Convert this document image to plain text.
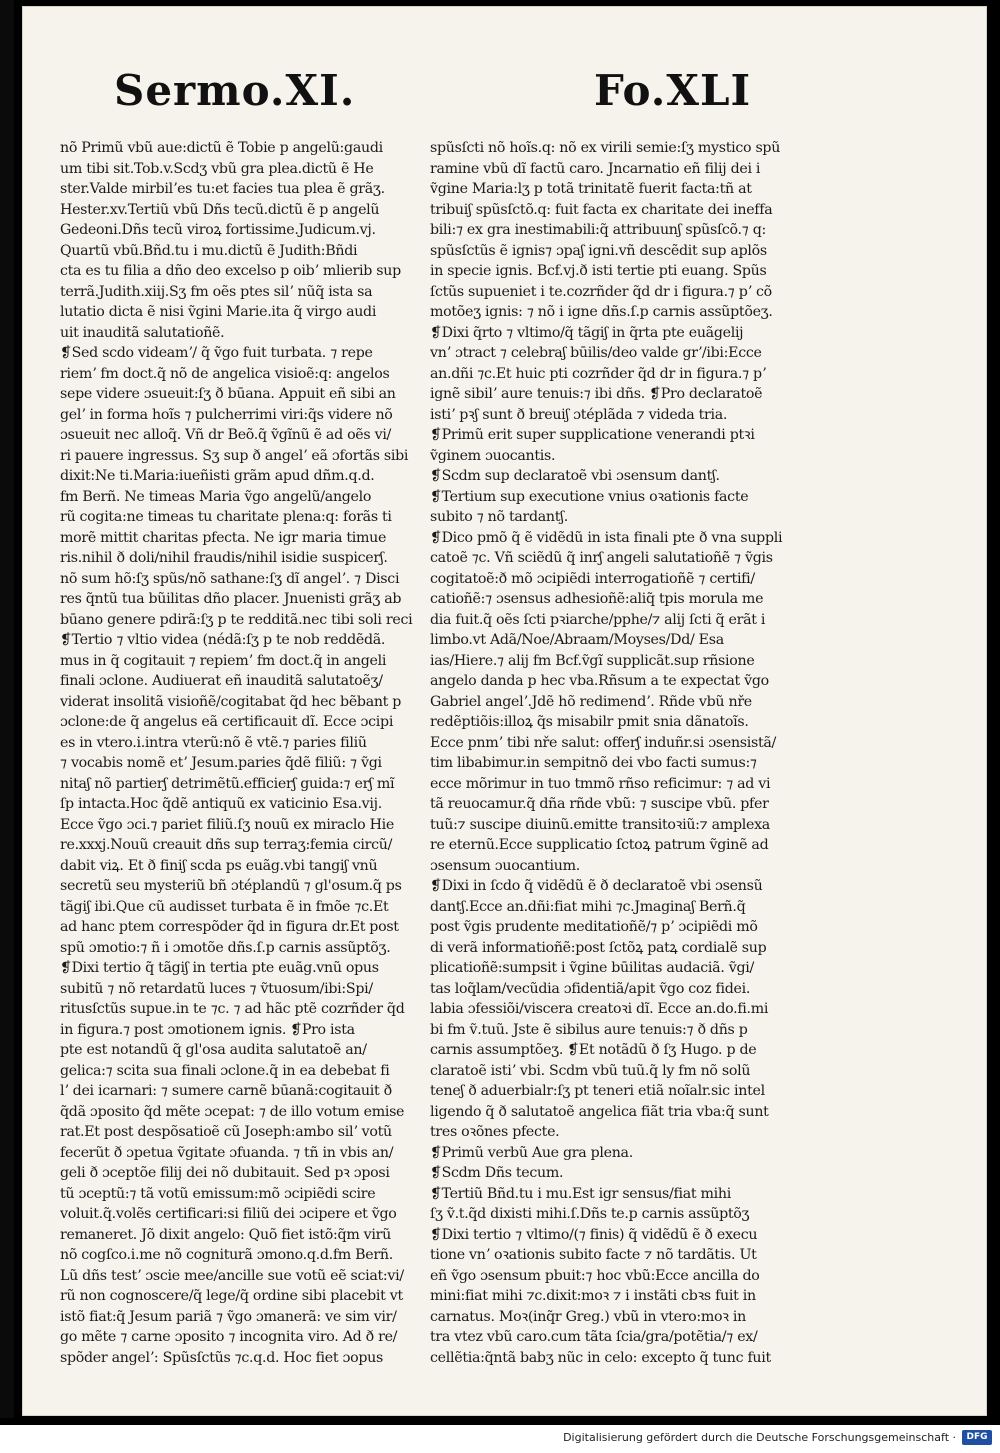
Sermo.XI.	Fo.XLI
nõ Primũ vbũ aue:dictũ ẽ Tobie p angelũ:gaudi
um tibi sit.Tob.v.Scdʒ vbũ gra plea.dictũ ẽ He
ster.Valde mirbilʼes tu:et facies tua plea ẽ grãʒ.
Hester.xv.Tertiũ vbũ Dñs tecũ.dictũ ẽ p angelũ
Gedeoni.Dñs tecũ viroꝝ fortissime.Judicum.vj.
Quartũ vbũ.Bñd.tu i mu.dictũ ẽ Judith:Bñdi
cta es tu filia a dño deo excelso p oibʼ mlierib sup
terrã.Judith.xiij.Sʒ fm oẽs ptes silʼ nũq̃ ista sa
lutatio dicta ẽ nisi ṽgini Marie.ita q̃ virgo audi
uit inauditã salutatioñẽ.
❡Sed scdo videamʼ/ q̃ ṽgo fuit turbata. ⁊ repe
riemʼ fm doct.q̃ nõ de angelica visioẽ:q: angelos
sepe videre ɔsueuit:ſʒ ð būana. Appuit eñ sibi an
gelʼ in forma hoĩs ⁊ pulcherrimi viri:q̃s videre nõ
ɔsueuit nec alloq̃. Vñ dr Beõ.q̃ ṽgĩnũ ẽ ad oẽs vi/
ri pauere ingressus. Sʒ sup ð angelʼ eã ɔfortãs sibi
dixit:Ne ti.Maria:iueñisti grãm apud dñm.q.d.
fm Berñ. Ne timeas Maria ṽgo angelũ/angelo
rũ cogita:ne timeas tu charitate plena:q: forãs ti
morẽ mittit charitas pfecta. Ne igr maria timue
ris.nihil ð doli/nihil fraudis/nihil isidie suspicerʃ.
nõ sum hõ:ſʒ spũs/nõ sathane:ſʒ dĩ angelʼ. ⁊ Disci
res q̃ntũ tua bũilitas dño placer. Jnuenisti grãʒ ab
būano genere pdirã:ſʒ p te redditã.nec tibi soli reci
❡Tertio ⁊ vltio videa (nédã:ſʒ p te nob reddẽdã.
mus in q̃ cogitauit ⁊ repiemʼ fm doct.q̃ in angeli
finali ɔclone. Audiuerat eñ inauditã salutatoẽʒ/
viderat insolitã visioñẽ/cogitabat q̃d hec bẽbant p
ɔclone:de q̃ angelus eã certificauit dĩ. Ecce ɔcipi
es in vtero.i.intra vterũ:nõ ẽ vtẽ.⁊ paries filiũ
⁊ vocabis nomẽ etʼ Jesum.paries q̃dẽ filiũ: ⁊ ṽgi
nitaʃ nõ partierʃ detrimẽtũ.efficierʃ guida:⁊ erʃ mĩ
ſp intacta.Hoc q̃dẽ antiquũ ex vaticinio Esa.vij.
Ecce ṽgo ɔci.⁊ pariet filiũ.ſʒ nouũ ex miraclo Hie
re.xxxj.Nouũ creauit dñs sup terraʒ:femia circũ/
dabit viꝝ. Et ð finiʃ scda ps euãg.vbi tangiʃ vnũ
secretũ seu mysteriũ bñ ɔtéplandũ ⁊ gl'osum.q̃ ps
tãgiʃ ibi.Que cũ audisset turbata ẽ in fmõe ⁊c.Et
ad hanc ptem correspõder q̃d in figura dr.Et post
spũ ɔmotio:⁊ ñ i ɔmotõe dñs.ſ.p carnis assũptõʒ.
❡Dixi tertio q̃ tãgiʃ in tertia pte euãg.vnũ opus
subitũ ⁊ nõ retardatũ luces ⁊ ṽtuosum/ibi:Spi/
ritusſctũs supue.in te ⁊c. ⁊ ad hãc ptẽ cozrñder q̃d
in figura.⁊ post ɔmotionem ignis. ❡Pro ista
pte est notandũ q̃ gl'osa audita salutatoẽ an/
gelica:⁊ scita sua finali ɔclone.q̃ in ea debebat fi
lʼ dei icarnari: ⁊ sumere carnẽ būanã:cogitauit ð
q̃dã ɔposito q̃d mẽte ɔcepat: ⁊ de illo votum emise
rat.Et post despõsatioẽ cũ Joseph:ambo silʼ votũ
fecerũt ð ɔpetua ṽgitate ɔfuanda. ⁊ tñ in vbis an/
geli ð ɔceptõe filij dei nõ dubitauit. Sed pꝛ ɔposi
tũ ɔceptũ:⁊ tã votũ emissum:mõ ɔcipiẽdi scire
voluit.q̃.volẽs certificari:si filiũ dei ɔcipere et ṽgo
remaneret. Jõ dixit angelo: Quõ fiet istõ:q̃m virũ
nõ cogſco.i.me nõ cogniturã ɔmono.q.d.fm Berñ.
Lũ dñs testʼ ɔscie mee/ancille sue votũ eẽ sciat:vi/
rũ non cognoscere/q̃ lege/q̃ ordine sibi placebit vt
istõ fiat:q̃ Jesum pariã ⁊ ṽgo ɔmanerã: ve sim vir/
go mẽte ⁊ carne ɔposito ⁊ incognita viro. Ad ð re/
spõder angelʼ: Spũsſctũs ⁊c.q.d. Hoc fiet ɔopus
spũsſcti nõ hoĩs.q: nõ ex virili semie:ſʒ mystico spũ
ramine vbũ dĩ factũ caro. Jncarnatio eñ filij dei i
ṽgine Maria:lʒ p totã trinitatẽ fuerit facta:tñ at
tribuiʃ spũsſctõ.q: fuit facta ex charitate dei ineffa
bili:⁊ ex gra inestimabili:q̃ attribuunʃ spũsſcõ.⁊ q:
spũsſctũs ẽ ignis⁊ ɔpaʃ igni.vñ descẽdit sup aplõs
in specie ignis. Bcf.vj.ð isti tertie pti euang. Spũs
ſctũs supueniet i te.cozrñder q̃d dr i figura.⁊ pʼ cõ
motõeʒ ignis: ⁊ nõ i igne dñs.ſ.p carnis assũptõeʒ.
❡Dixi q̃rto ⁊ vltimo/q̃ tãgiʃ in q̃rta pte euãgelij
vnʼ ɔtract ⁊ celebraʃ būilis/deo valde grʼ/ibi:Ecce
an.dñi ⁊c.Et huic pti cozrñder q̃d dr in figura.⁊ pʼ
ignẽ sibilʼ aure tenuis:⁊ ibi dñs. ❡Pro declaratoẽ
istiʼ pꝛʃ sunt ð breuiʃ ɔtéplãda ⁊ videda tria.
❡Primũ erit super supplicatione venerandi ptꝛi
ṽginem ɔuocantis.
❡Scdm sup declaratoẽ vbi ɔsensum dantʃ.
❡Tertium sup executione vnius oꝛationis facte
subito ⁊ nõ tardantʃ.
❡Dico pmõ q̃ ẽ vidẽdũ in ista finali pte ð vna suppli
catoẽ ⁊c. Vñ sciẽdũ q̃ inrʃ angeli salutatioñẽ ⁊ ṽgis
cogitatoẽ:ð mõ ɔcipiẽdi interrogatioñẽ ⁊ certifi/
catioñẽ:⁊ ɔsensus adhesioñẽ:aliq̃ tpis morula me
dia fuit.q̃ oẽs ſcti pꝛiarche/pphe/⁊ alij ſcti q̃ erãt i
limbo.vt Adã/Noe/Abraam/Moyses/Dd/ Esa
ias/Hiere.⁊ alij fm Bcf.ṽgĩ supplicãt.sup rñsione
angelo danda p hec vba.Rñsum a te expectat ṽgo
Gabriel angelʼ.Jdẽ hõ redimendʼ. Rñde vbũ nře
redẽptiõis:illoꝝ q̃s misabilr pmit snia dãnatoĩs.
Ecce pnmʼ tibi nře salut: offerʃ induñr.si ɔsensistã/
tim libabimur.in sempitnõ dei vbo facti sumus:⁊
ecce mõrimur in tuo tmmõ rñso reficimur: ⁊ ad vi
tã reuocamur.q̃ dña rñde vbũ: ⁊ suscipe vbũ. pfer
tuũ:⁊ suscipe diuinũ.emitte transitoꝛiũ:⁊ amplexa
re eternũ.Ecce supplicatio ſctoꝝ patrum ṽginẽ ad
ɔsensum ɔuocantium.
❡Dixi in ſcdo q̃ vidẽdũ ẽ ð declaratoẽ vbi ɔsensũ
dantʃ.Ecce an.dñi:fiat mihi ⁊c.Jmaginaʃ Berñ.q̃
post ṽgis prudente meditatioñẽ/⁊ pʼ ɔcipiẽdi mõ
di verã informatioñẽ:post ſctõꝝ patꝝ cordialẽ sup
plicatioñẽ:sumpsit i ṽgine būilitas audaciã. ṽgi/
tas loq̃lam/vecũdia ɔfidentiã/apit ṽgo coz fidei.
labia ɔfessiõi/viscera creatoꝛi dĩ. Ecce an.do.fi.mi
bi fm ṽ.tuũ. Jste ẽ sibilus aure tenuis:⁊ ð dñs p
carnis assumptõeʒ. ❡Et notãdũ ð ſʒ Hugo. p de
claratoẽ istiʼ vbi. Scdm vbũ tuũ.q̃ ly fm nõ solũ
teneʃ ð aduerbialr:ſʒ pt teneri etiã noĩalr.sic intel
ligendo q̃ ð salutatoẽ angelica fiãt tria vba:q̃ sunt
tres oꝛõnes pfecte.
❡Primũ verbũ Aue gra plena.
❡Scdm Dñs tecum.
❡Tertiũ Bñd.tu i mu.Est igr sensus/fiat mihi
ſʒ ṽ.t.q̃d dixisti mihi.ſ.Dñs te.p carnis assũptõʒ
❡Dixi tertio ⁊ vltimo/(⁊ finis) q̃ vidẽdũ ẽ ð execu
tione vnʼ oꝛationis subito facte ⁊ nõ tardãtis. Ut
eñ ṽgo ɔsensum pbuit:⁊ hoc vbũ:Ecce ancilla do
mini:fiat mihi ⁊c.dixit:moꝛ ⁊ i instãti cbꝛs fuit in
carnatus. Moꝛ(inq̃r Greg.) vbũ in vtero:moꝛ in
tra vtez vbũ caro.cum tãta ſcia/gra/potẽtia/⁊ ex/
cellẽtia:q̃ntã babʒ nũc in celo: excepto q̃ tunc fuit
Digitalisierung gefördert durch die Deutsche Forschungsgemeinschaft ·	DFG
